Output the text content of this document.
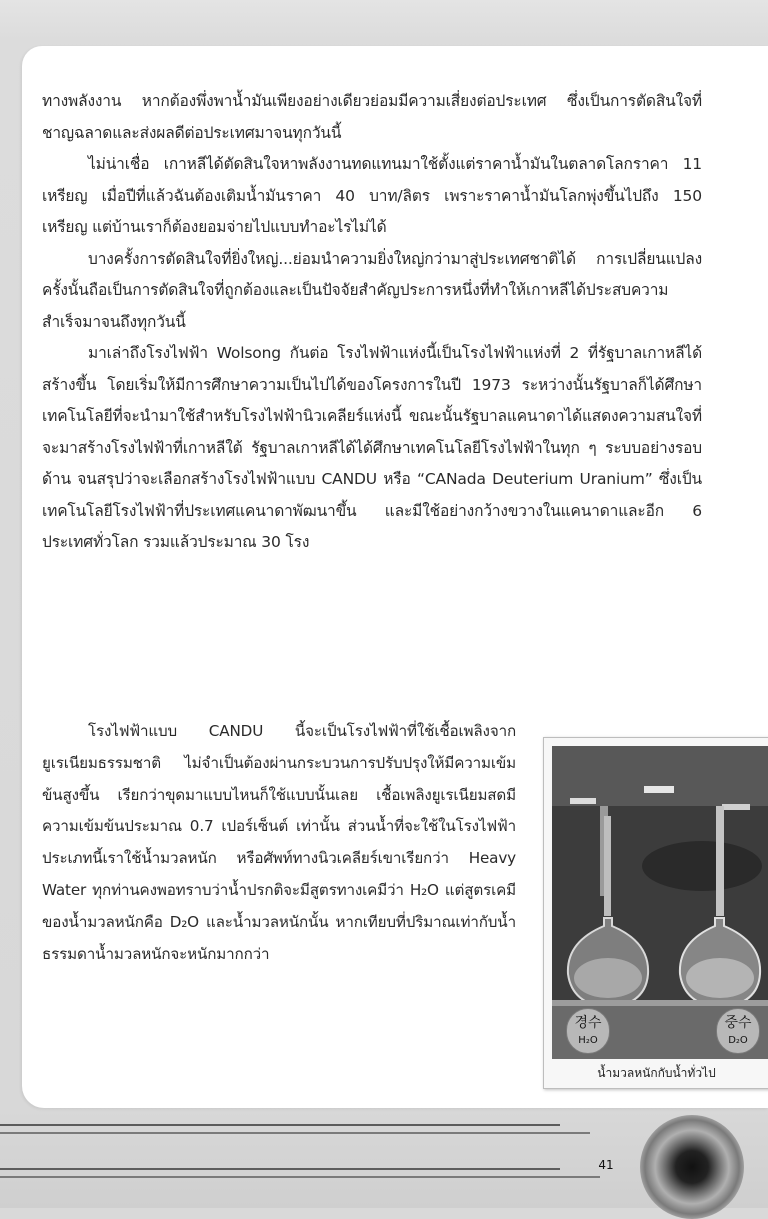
ทางพลังงาน หากต้องพึ่งพาน้ำมันเพียงอย่างเดียวย่อมมีความเสี่ยงต่อประเทศ ซึ่งเป็นการตัดสินใจที่ชาญฉลาดและส่งผลดีต่อประเทศมาจนทุกวันนี้

ไม่น่าเชื่อ เกาหลีได้ตัดสินใจหาพลังงานทดแทนมาใช้ตั้งแต่ราคาน้ำมันในตลาดโลกราคา 11 เหรียญ เมื่อปีที่แล้วฉันต้องเติมน้ำมันราคา 40 บาท/ลิตร เพราะราคาน้ำมันโลกพุ่งขึ้นไปถึง 150 เหรียญ แต่บ้านเราก็ต้องยอมจ่ายไปแบบทำอะไรไม่ได้

บางครั้งการตัดสินใจที่ยิ่งใหญ่...ย่อมนำความยิ่งใหญ่กว่ามาสู่ประเทศชาติได้ การเปลี่ยนแปลงครั้งนั้นถือเป็นการตัดสินใจที่ถูกต้องและเป็นปัจจัยสำคัญประการหนึ่งที่ทำให้เกาหลีได้ประสบความสำเร็จมาจนถึงทุกวันนี้

มาเล่าถึงโรงไฟฟ้า Wolsong กันต่อ โรงไฟฟ้าแห่งนี้เป็นโรงไฟฟ้าแห่งที่ 2 ที่รัฐบาลเกาหลีได้สร้างขึ้น โดยเริ่มให้มีการศึกษาความเป็นไปได้ของโครงการในปี 1973 ระหว่างนั้นรัฐบาลก็ได้ศึกษาเทคโนโลยีที่จะนำมาใช้สำหรับโรงไฟฟ้านิวเคลียร์แห่งนี้ ขณะนั้นรัฐบาลแคนาดาได้แสดงความสนใจที่จะมาสร้างโรงไฟฟ้าที่เกาหลีใต้ รัฐบาลเกาหลีได้ได้ศึกษาเทคโนโลยีโรงไฟฟ้าในทุก ๆ ระบบอย่างรอบด้าน จนสรุปว่าจะเลือกสร้างโรงไฟฟ้าแบบ CANDU หรือ “CANada Deuterium Uranium” ซึ่งเป็นเทคโนโลยีโรงไฟฟ้าที่ประเทศแคนาดาพัฒนาขึ้น และมีใช้อย่างกว้างขวางในแคนาดาและอีก 6 ประเทศทั่วโลก รวมแล้วประมาณ 30 โรง

โรงไฟฟ้าแบบ CANDU นี้จะเป็นโรงไฟฟ้าที่ใช้เชื้อเพลิงจากยูเรเนียมธรรมชาติ ไม่จำเป็นต้องผ่านกระบวนการปรับปรุงให้มีความเข้มข้นสูงขึ้น เรียกว่าขุดมาแบบไหนก็ใช้แบบนั้นเลย เชื้อเพลิงยูเรเนียมสดมีความเข้มข้นประมาณ 0.7 เปอร์เซ็นต์ เท่านั้น ส่วนน้ำที่จะใช้ในโรงไฟฟ้าประเภทนี้เราใช้น้ำมวลหนัก หรือศัพท์ทางนิวเคลียร์เขาเรียกว่า Heavy Water ทุกท่านคงพอทราบว่าน้ำปรกติจะมีสูตรทางเคมีว่า H₂O แต่สูตรเคมีของน้ำมวลหนักคือ D₂O และน้ำมวลหนักนั้น หากเทียบที่ปริมาณเท่ากับน้ำธรรมดาน้ำมวลหนักจะหนักมากกว่า

경수
H₂O
중수
D₂O
น้ำมวลหนักกับน้ำทั่วไป
41
